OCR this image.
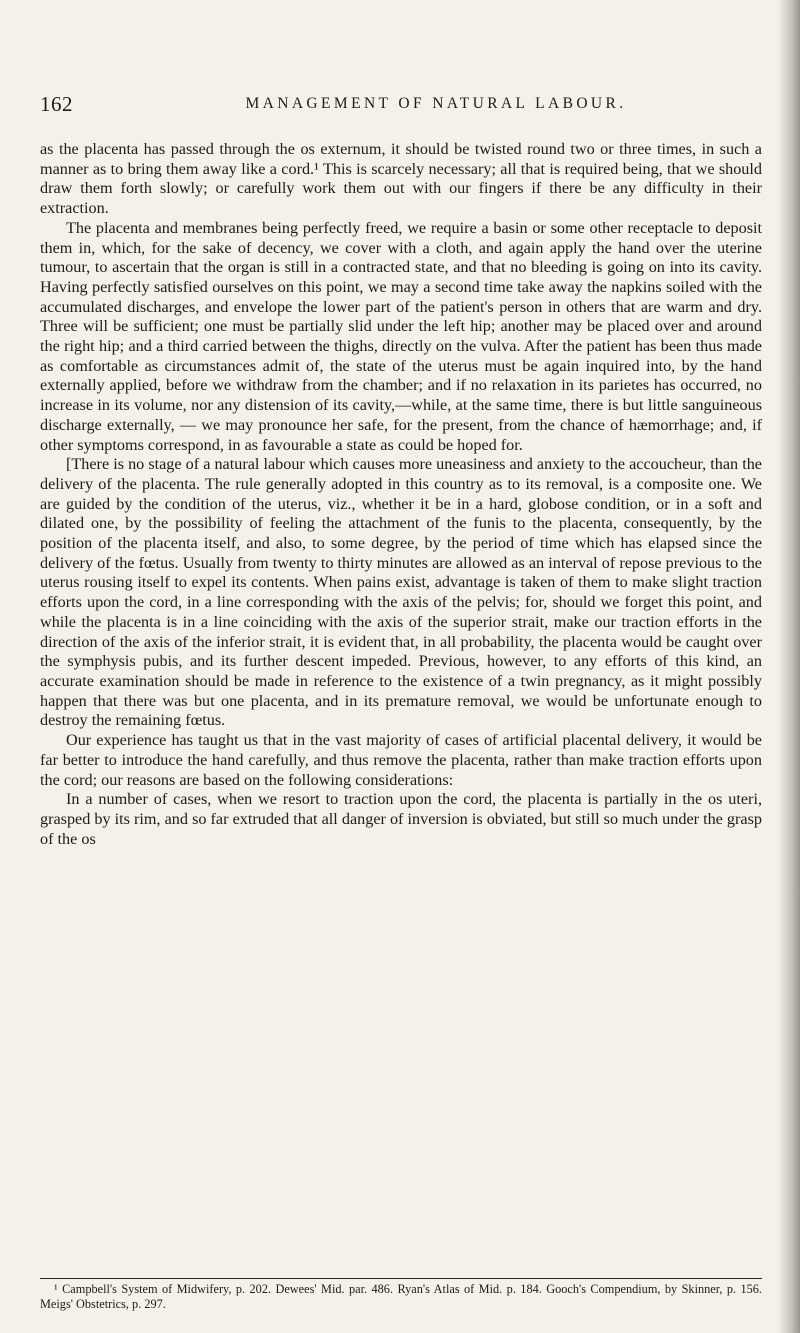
162	MANAGEMENT OF NATURAL LABOUR.

as the placenta has passed through the os externum, it should be twisted round two or three times, in such a manner as to bring them away like a cord.¹ This is scarcely necessary; all that is required being, that we should draw them forth slowly; or carefully work them out with our fingers if there be any difficulty in their extraction.

The placenta and membranes being perfectly freed, we require a basin or some other receptacle to deposit them in, which, for the sake of decency, we cover with a cloth, and again apply the hand over the uterine tumour, to ascertain that the organ is still in a contracted state, and that no bleeding is going on into its cavity. Having perfectly satisfied ourselves on this point, we may a second time take away the napkins soiled with the accumulated discharges, and envelope the lower part of the patient's person in others that are warm and dry. Three will be sufficient; one must be partially slid under the left hip; another may be placed over and around the right hip; and a third carried between the thighs, directly on the vulva. After the patient has been thus made as comfortable as circumstances admit of, the state of the uterus must be again inquired into, by the hand externally applied, before we withdraw from the chamber; and if no relaxation in its parietes has occurred, no increase in its volume, nor any distension of its cavity,—while, at the same time, there is but little sanguineous discharge externally, — we may pronounce her safe, for the present, from the chance of hæmorrhage; and, if other symptoms correspond, in as favourable a state as could be hoped for.

[There is no stage of a natural labour which causes more uneasiness and anxiety to the accoucheur, than the delivery of the placenta. The rule generally adopted in this country as to its removal, is a composite one. We are guided by the condition of the uterus, viz., whether it be in a hard, globose condition, or in a soft and dilated one, by the possibility of feeling the attachment of the funis to the placenta, consequently, by the position of the placenta itself, and also, to some degree, by the period of time which has elapsed since the delivery of the fœtus. Usually from twenty to thirty minutes are allowed as an interval of repose previous to the uterus rousing itself to expel its contents. When pains exist, advantage is taken of them to make slight traction efforts upon the cord, in a line corresponding with the axis of the pelvis; for, should we forget this point, and while the placenta is in a line coinciding with the axis of the superior strait, make our traction efforts in the direction of the axis of the inferior strait, it is evident that, in all probability, the placenta would be caught over the symphysis pubis, and its further descent impeded. Previous, however, to any efforts of this kind, an accurate examination should be made in reference to the existence of a twin pregnancy, as it might possibly happen that there was but one placenta, and in its premature removal, we would be unfortunate enough to destroy the remaining fœtus.

Our experience has taught us that in the vast majority of cases of artificial placental delivery, it would be far better to introduce the hand carefully, and thus remove the placenta, rather than make traction efforts upon the cord; our reasons are based on the following considerations:

In a number of cases, when we resort to traction upon the cord, the placenta is partially in the os uteri, grasped by its rim, and so far extruded that all danger of inversion is obviated, but still so much under the grasp of the os

¹ Campbell's System of Midwifery, p. 202. Dewees' Mid. par. 486. Ryan's Atlas of Mid. p. 184. Gooch's Compendium, by Skinner, p. 156. Meigs' Obstetrics, p. 297.
